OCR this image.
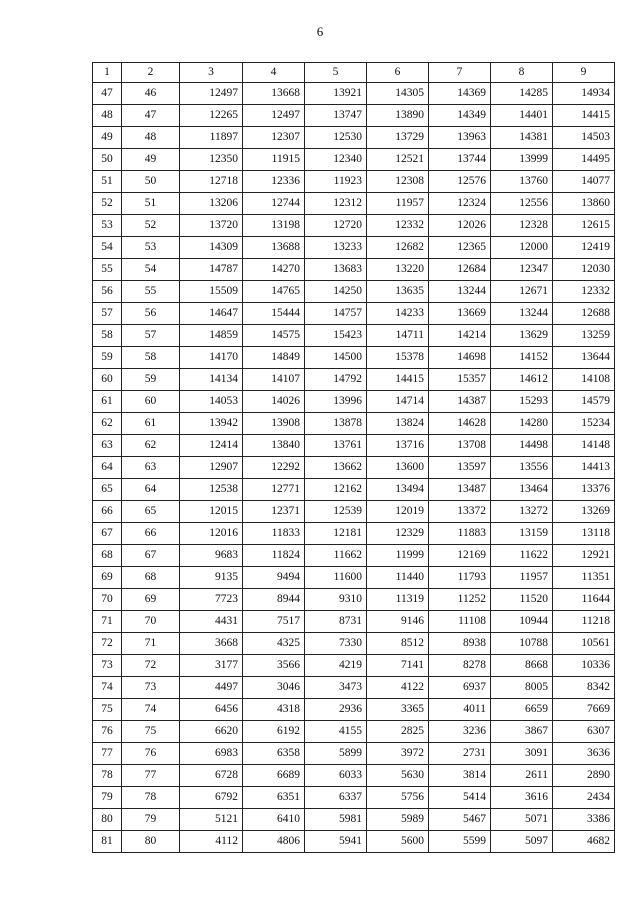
6
1	2	3	4	5	6	7	8	9
47	46	12497	13668	13921	14305	14369	14285	14934
48	47	12265	12497	13747	13890	14349	14401	14415
49	48	11897	12307	12530	13729	13963	14381	14503
50	49	12350	11915	12340	12521	13744	13999	14495
51	50	12718	12336	11923	12308	12576	13760	14077
52	51	13206	12744	12312	11957	12324	12556	13860
53	52	13720	13198	12720	12332	12026	12328	12615
54	53	14309	13688	13233	12682	12365	12000	12419
55	54	14787	14270	13683	13220	12684	12347	12030
56	55	15509	14765	14250	13635	13244	12671	12332
57	56	14647	15444	14757	14233	13669	13244	12688
58	57	14859	14575	15423	14711	14214	13629	13259
59	58	14170	14849	14500	15378	14698	14152	13644
60	59	14134	14107	14792	14415	15357	14612	14108
61	60	14053	14026	13996	14714	14387	15293	14579
62	61	13942	13908	13878	13824	14628	14280	15234
63	62	12414	13840	13761	13716	13708	14498	14148
64	63	12907	12292	13662	13600	13597	13556	14413
65	64	12538	12771	12162	13494	13487	13464	13376
66	65	12015	12371	12539	12019	13372	13272	13269
67	66	12016	11833	12181	12329	11883	13159	13118
68	67	9683	11824	11662	11999	12169	11622	12921
69	68	9135	9494	11600	11440	11793	11957	11351
70	69	7723	8944	9310	11319	11252	11520	11644
71	70	4431	7517	8731	9146	11108	10944	11218
72	71	3668	4325	7330	8512	8938	10788	10561
73	72	3177	3566	4219	7141	8278	8668	10336
74	73	4497	3046	3473	4122	6937	8005	8342
75	74	6456	4318	2936	3365	4011	6659	7669
76	75	6620	6192	4155	2825	3236	3867	6307
77	76	6983	6358	5899	3972	2731	3091	3636
78	77	6728	6689	6033	5630	3814	2611	2890
79	78	6792	6351	6337	5756	5414	3616	2434
80	79	5121	6410	5981	5989	5467	5071	3386
81	80	4112	4806	5941	5600	5599	5097	4682
